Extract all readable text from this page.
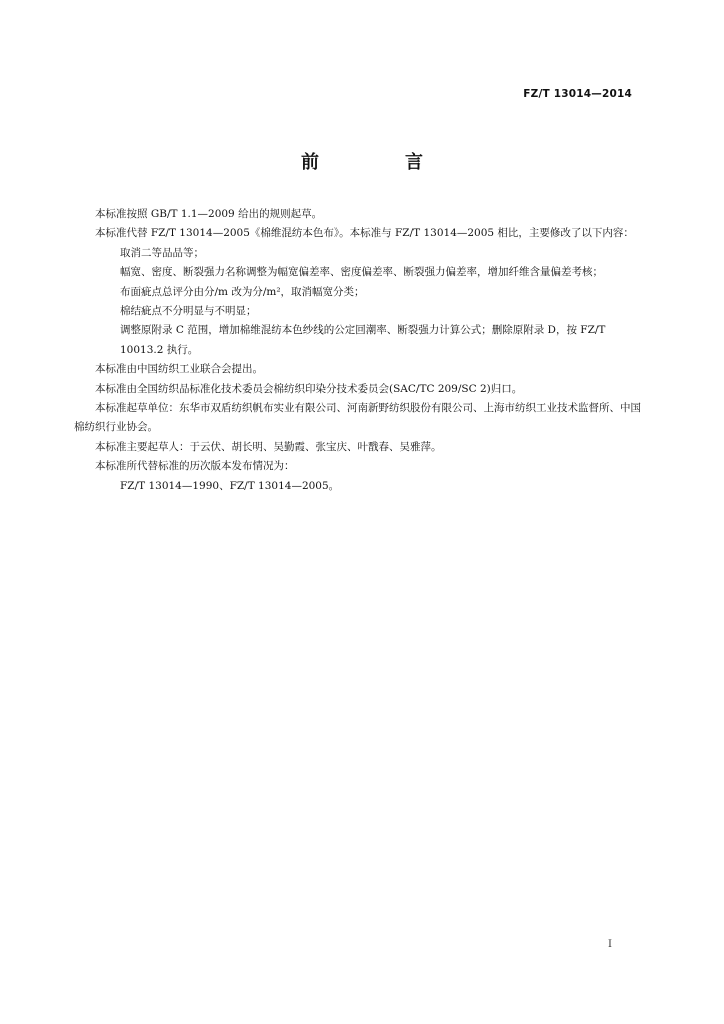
FZ/T 13014—2014
前　言

本标准按照 GB/T 1.1—2009 给出的规则起草。

本标准代替 FZ/T 13014—2005《棉维混纺本色布》。本标准与 FZ/T 13014—2005 相比，主要修改了以下内容：

取消二等品品等；

幅宽、密度、断裂强力名称调整为幅宽偏差率、密度偏差率、断裂强力偏差率，增加纤维含量偏差考核；

布面疵点总评分由分/m 改为分/m²，取消幅宽分类；

棉结疵点不分明显与不明显；

调整原附录 C 范围，增加棉维混纺本色纱线的公定回潮率、断裂强力计算公式；删除原附录 D，按 FZ/T 10013.2 执行。

本标准由中国纺织工业联合会提出。

本标准由全国纺织品标准化技术委员会棉纺织印染分技术委员会(SAC/TC 209/SC 2)归口。

本标准起草单位：东华市双盾纺织帆布实业有限公司、河南新野纺织股份有限公司、上海市纺织工业技术监督所、中国棉纺织行业协会。

本标准主要起草人：于云伏、胡长明、吴勤霞、张宝庆、叶戬春、吴雅萍。

本标准所代替标准的历次版本发布情况为：

FZ/T 13014—1990、FZ/T 13014—2005。

I
